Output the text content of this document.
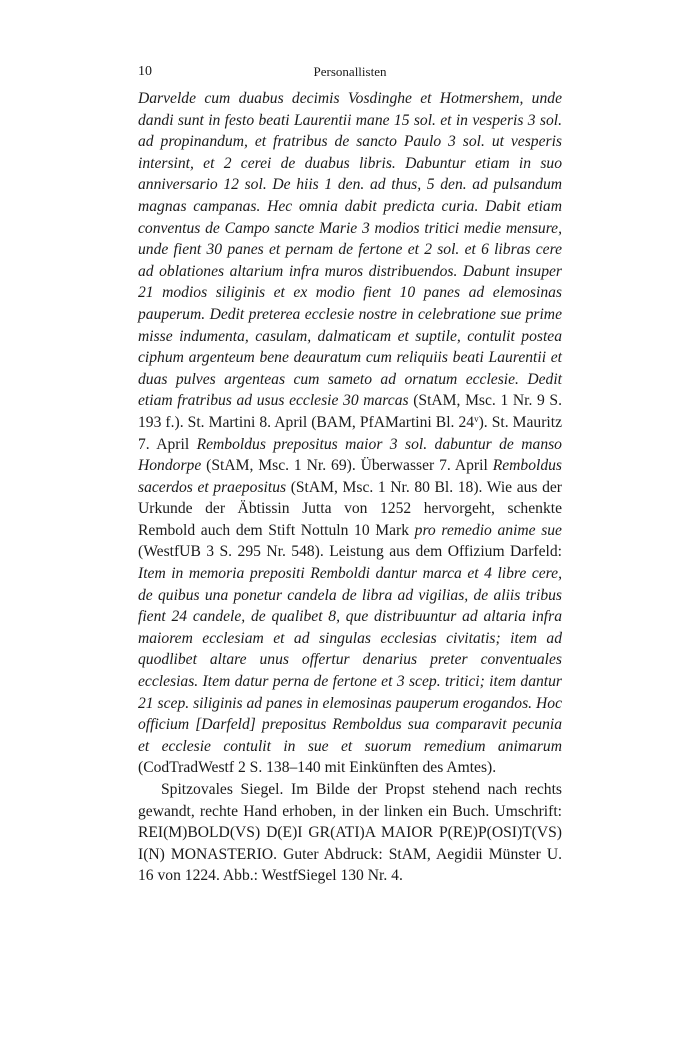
10	Personallisten

Darvelde cum duabus decimis Vosdinghe et Hotmershem, unde dandi sunt in festo beati Laurentii mane 15 sol. et in vesperis 3 sol. ad propinandum, et fratribus de sancto Paulo 3 sol. ut vesperis intersint, et 2 cerei de duabus libris. Dabuntur etiam in suo anniversario 12 sol. De hiis 1 den. ad thus, 5 den. ad pulsandum magnas campanas. Hec omnia dabit predicta curia. Dabit etiam conventus de Campo sancte Marie 3 modios tritici medie mensure, unde fient 30 panes et pernam de fertone et 2 sol. et 6 libras cere ad oblationes altarium infra muros distribuendos. Dabunt insuper 21 modios siliginis et ex modio fient 10 panes ad elemosinas pauperum. Dedit preterea ecclesie nostre in celebratione sue prime misse indumenta, casulam, dalmaticam et suptile, contulit postea ciphum argenteum bene deauratum cum reliquiis beati Laurentii et duas pulves argenteas cum sameto ad ornatum ecclesie. Dedit etiam fratribus ad usus ecclesie 30 marcas (StAM, Msc. 1 Nr. 9 S. 193 f.). St. Martini 8. April (BAM, PfAMartini Bl. 24$^v$). St. Mauritz 7. April Remboldus prepositus maior 3 sol. dabuntur de manso Hondorpe (StAM, Msc. 1 Nr. 69). Überwasser 7. April Remboldus sacerdos et praepositus (StAM, Msc. 1 Nr. 80 Bl. 18). Wie aus der Urkunde der Äbtissin Jutta von 1252 hervorgeht, schenkte Rembold auch dem Stift Nottuln 10 Mark pro remedio anime sue (WestfUB 3 S. 295 Nr. 548). Leistung aus dem Offizium Darfeld: Item in memoria prepositi Remboldi dantur marca et 4 libre cere, de quibus una ponetur candela de libra ad vigilias, de aliis tribus fient 24 candele, de qualibet 8, que distribuuntur ad altaria infra maiorem ecclesiam et ad singulas ecclesias civitatis; item ad quodlibet altare unus offertur denarius preter conventuales ecclesias. Item datur perna de fertone et 3 scep. tritici; item dantur 21 scep. siliginis ad panes in elemosinas pauperum erogandos. Hoc officium [Darfeld] prepositus Remboldus sua comparavit pecunia et ecclesie contulit in sue et suorum remedium animarum (CodTradWestf 2 S. 138–140 mit Einkünften des Amtes).

Spitzovales Siegel. Im Bilde der Propst stehend nach rechts gewandt, rechte Hand erhoben, in der linken ein Buch. Umschrift: REI(M)BOLD(VS) D(E)I GR(ATI)A MAIOR P(RE)P(OSI)T(VS) I(N) MONASTERIO. Guter Abdruck: StAM, Aegidii Münster U. 16 von 1224. Abb.: WestfSiegel 130 Nr. 4.
